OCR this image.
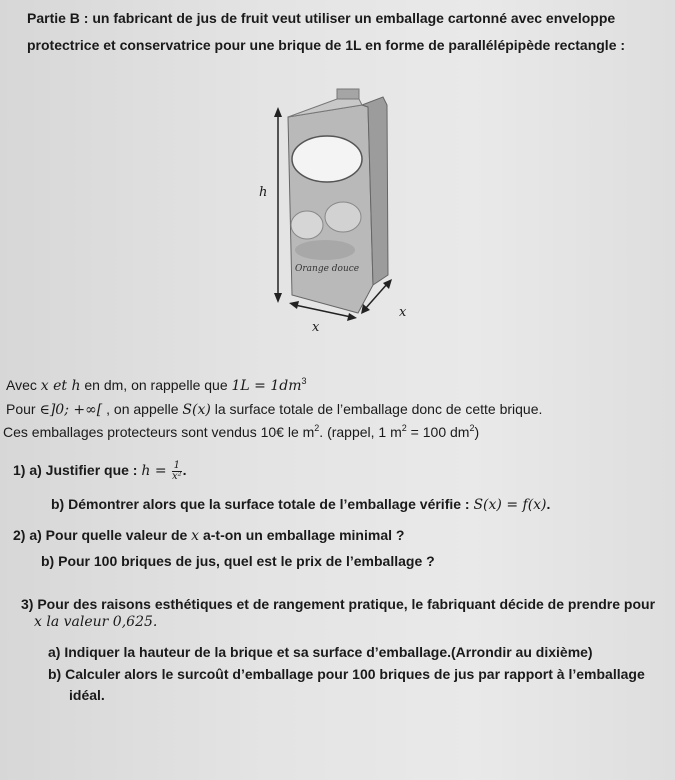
Partie B : un fabricant de jus de fruit veut utiliser un emballage cartonné avec enveloppe
protectrice et conservatrice pour une brique de 1L en forme de parallélépipède rectangle :
Orange douce
h
x
x
Avec x et h en dm, on rappelle que $1L = 1dm^3$
Pour ∈]0; +∞[ , on appelle S(x) la surface totale de l’emballage donc de cette brique.
Ces emballages protecteurs sont vendus 10€ le $m^2$. (rappel, 1 $m^2 = 100$ $dm^2$)
1) a) Justifier que : $h = \frac{1}{\text{x²}}$ .
b) Démontrer alors que la surface totale de l’emballage vérifie : S(x) = f(x).
2) a) Pour quelle valeur de x a-t-on un emballage minimal ?
b) Pour 100 briques de jus, quel est le prix de l’emballage ?
3) Pour des raisons esthétiques et de rangement pratique, le fabriquant décide de prendre pour
x la valeur 0,625.
a) Indiquer la hauteur de la brique et sa surface d’emballage.(Arrondir au dixième)
b) Calculer alors le surcoût d’emballage pour 100 briques de jus par rapport à l’emballage
idéal.
